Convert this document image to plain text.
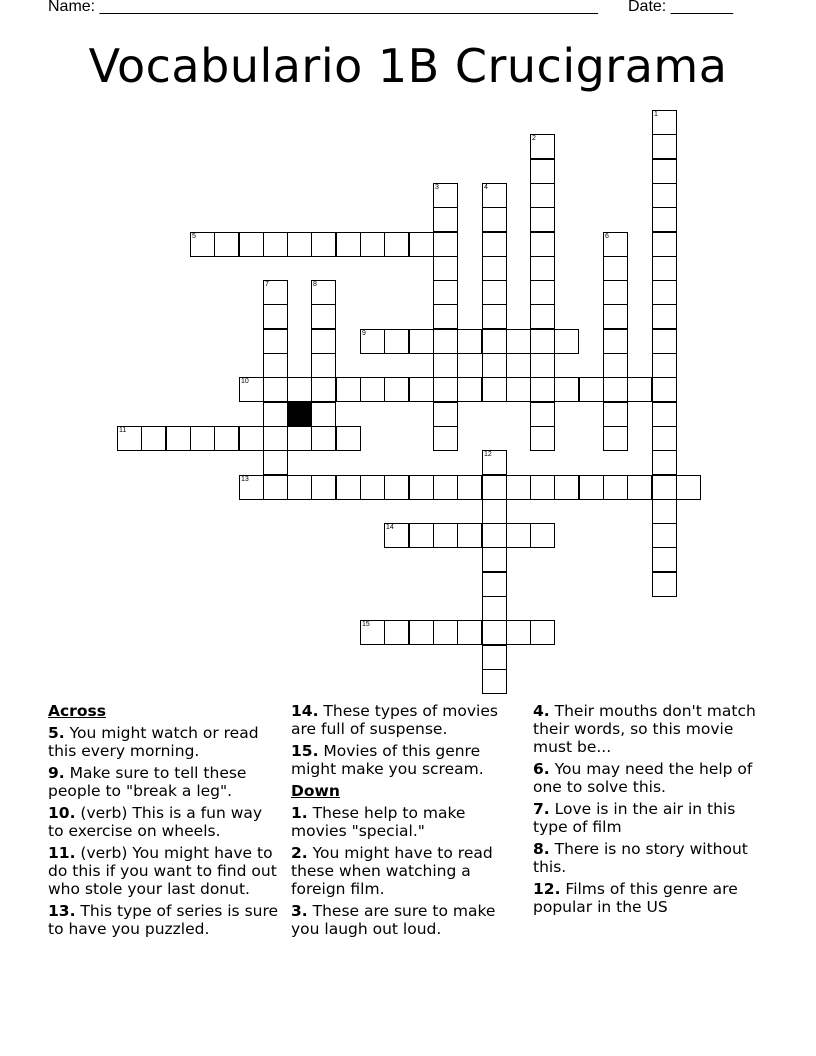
Name: ________________________________________________________ Date: _______
Vocabulario 1B Crucigrama
1
2
3	4
5	6
7	8
9
10
11
12
13
14
15
Across
5. You might watch or read this every morning.
9. Make sure to tell these people to "break a leg".
10. (verb) This is a fun way to exercise on wheels.
11. (verb) You might have to do this if you want to find out who stole your last donut.
13. This type of series is sure to have you puzzled.
14. These types of movies are full of suspense.
15. Movies of this genre might make you scream.
Down
1. These help to make movies "special."
2. You might have to read these when watching a foreign film.
3. These are sure to make you laugh out loud.
4. Their mouths don't match their words, so this movie must be...
6. You may need the help of one to solve this.
7. Love is in the air in this type of film
8. There is no story without this.
12. Films of this genre are popular in the US
